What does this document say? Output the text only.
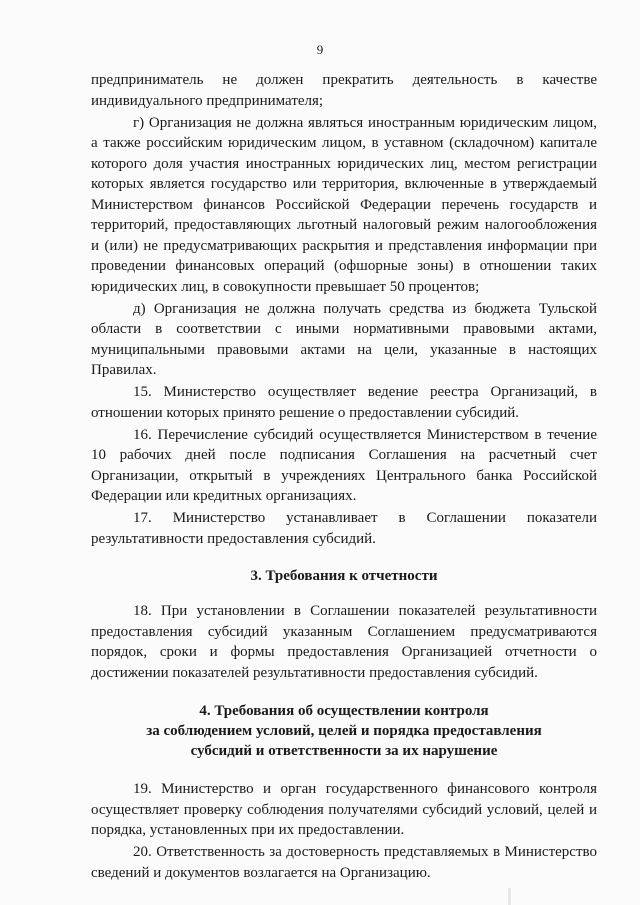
9

предприниматель не должен прекратить деятельность в качестве индивидуального предпринимателя;

г) Организация не должна являться иностранным юридическим лицом, а также российским юридическим лицом, в уставном (складочном) капитале которого доля участия иностранных юридических лиц, местом регистрации которых является государство или территория, включенные в утверждаемый Министерством финансов Российской Федерации перечень государств и территорий, предоставляющих льготный налоговый режим налогообложения и (или) не предусматривающих раскрытия и представления информации при проведении финансовых операций (офшорные зоны) в отношении таких юридических лиц, в совокупности превышает 50 процентов;

д) Организация не должна получать средства из бюджета Тульской области в соответствии с иными нормативными правовыми актами, муниципальными правовыми актами на цели, указанные в настоящих Правилах.

15. Министерство осуществляет ведение реестра Организаций, в отношении которых принято решение о предоставлении субсидий.

16. Перечисление субсидий осуществляется Министерством в течение 10 рабочих дней после подписания Соглашения на расчетный счет Организации, открытый в учреждениях Центрального банка Российской Федерации или кредитных организациях.

17. Министерство устанавливает в Соглашении показатели результативности предоставления субсидий.

3. Требования к отчетности

18. При установлении в Соглашении показателей результативности предоставления субсидий указанным Соглашением предусматриваются порядок, сроки и формы предоставления Организацией отчетности о достижении показателей результативности предоставления субсидий.

4. Требования об осуществлении контроля
за соблюдением условий, целей и порядка предоставления
субсидий и ответственности за их нарушение

19. Министерство и орган государственного финансового контроля осуществляет проверку соблюдения получателями субсидий условий, целей и порядка, установленных при их предоставлении.

20. Ответственность за достоверность представляемых в Министерство сведений и документов возлагается на Организацию.
